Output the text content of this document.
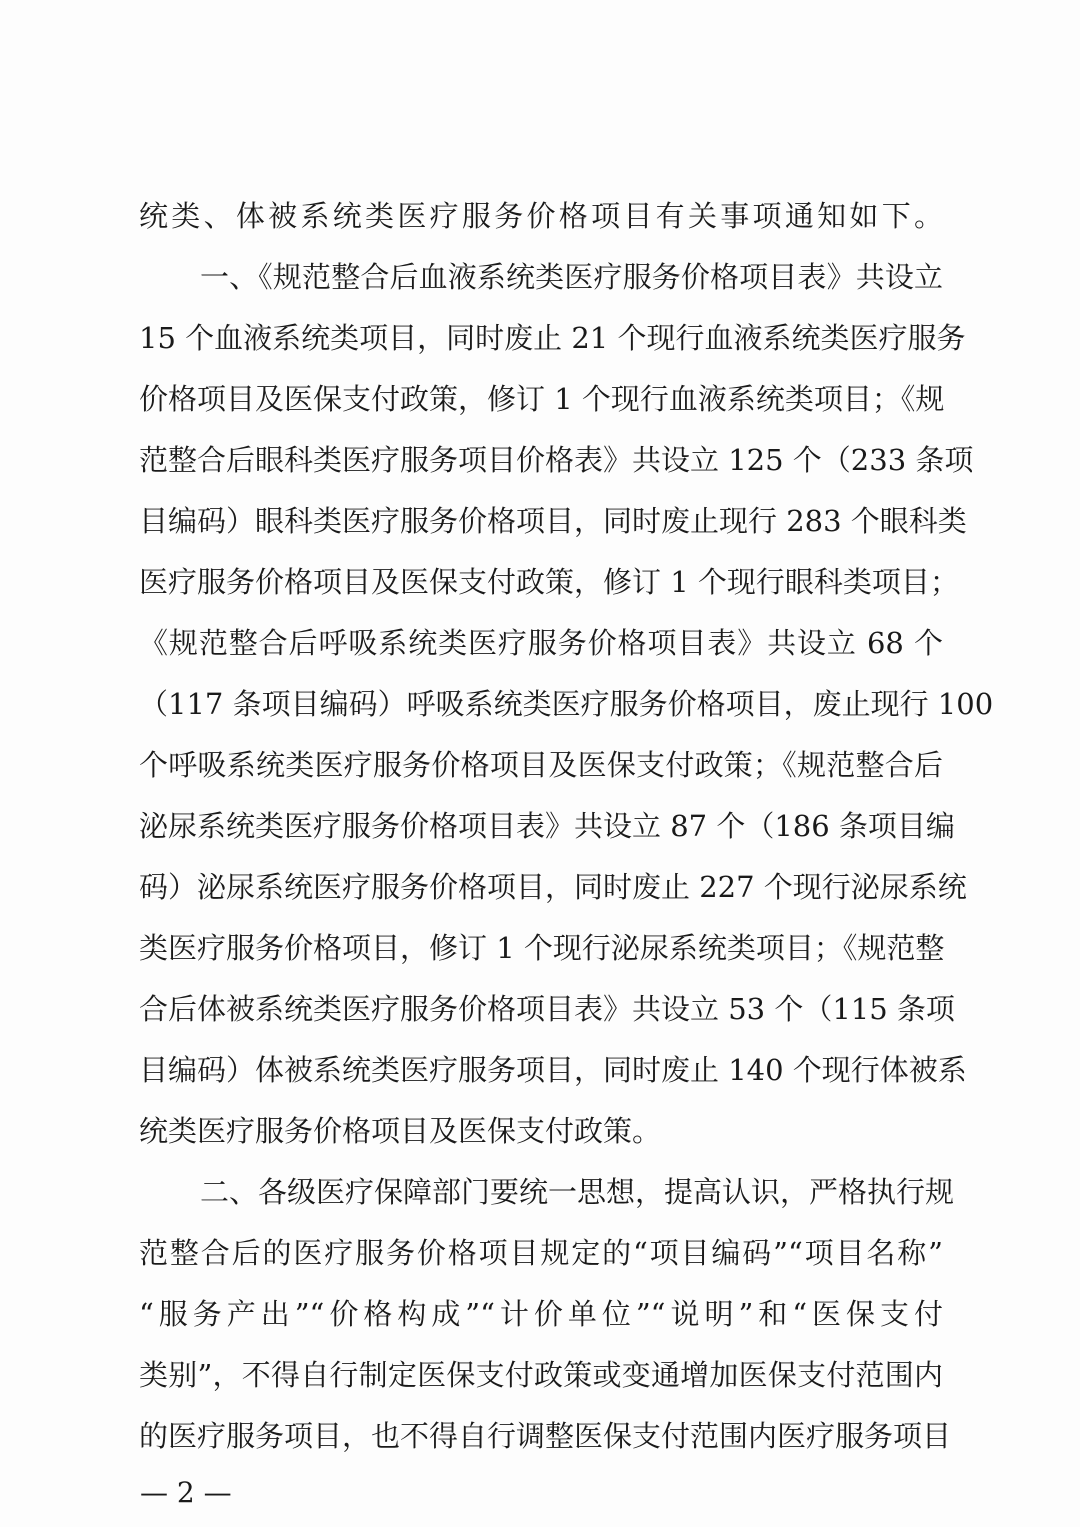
统类、体被系统类医疗服务价格项目有关事项通知如下。
一、《规范整合后血液系统类医疗服务价格项目表》共设立
15 个血液系统类项目，同时废止 21 个现行血液系统类医疗服务
价格项目及医保支付政策，修订 1 个现行血液系统类项目；《规
范整合后眼科类医疗服务项目价格表》共设立 125 个（233 条项
目编码）眼科类医疗服务价格项目，同时废止现行 283 个眼科类
医疗服务价格项目及医保支付政策，修订 1 个现行眼科类项目；
《规范整合后呼吸系统类医疗服务价格项目表》共设立 68 个
（117 条项目编码）呼吸系统类医疗服务价格项目，废止现行 100
个呼吸系统类医疗服务价格项目及医保支付政策；《规范整合后
泌尿系统类医疗服务价格项目表》共设立 87 个（186 条项目编
码）泌尿系统医疗服务价格项目，同时废止 227 个现行泌尿系统
类医疗服务价格项目，修订 1 个现行泌尿系统类项目；《规范整
合后体被系统类医疗服务价格项目表》共设立 53 个（115 条项
目编码）体被系统类医疗服务项目，同时废止 140 个现行体被系
统类医疗服务价格项目及医保支付政策。
二、各级医疗保障部门要统一思想，提高认识，严格执行规
范整合后的医疗服务价格项目规定的“项目编码”“项目名称”
“服务产出”“价格构成”“计价单位”“说明”和“医保支付
类别”，不得自行制定医保支付政策或变通增加医保支付范围内
的医疗服务项目，也不得自行调整医保支付范围内医疗服务项目
— 2 —
